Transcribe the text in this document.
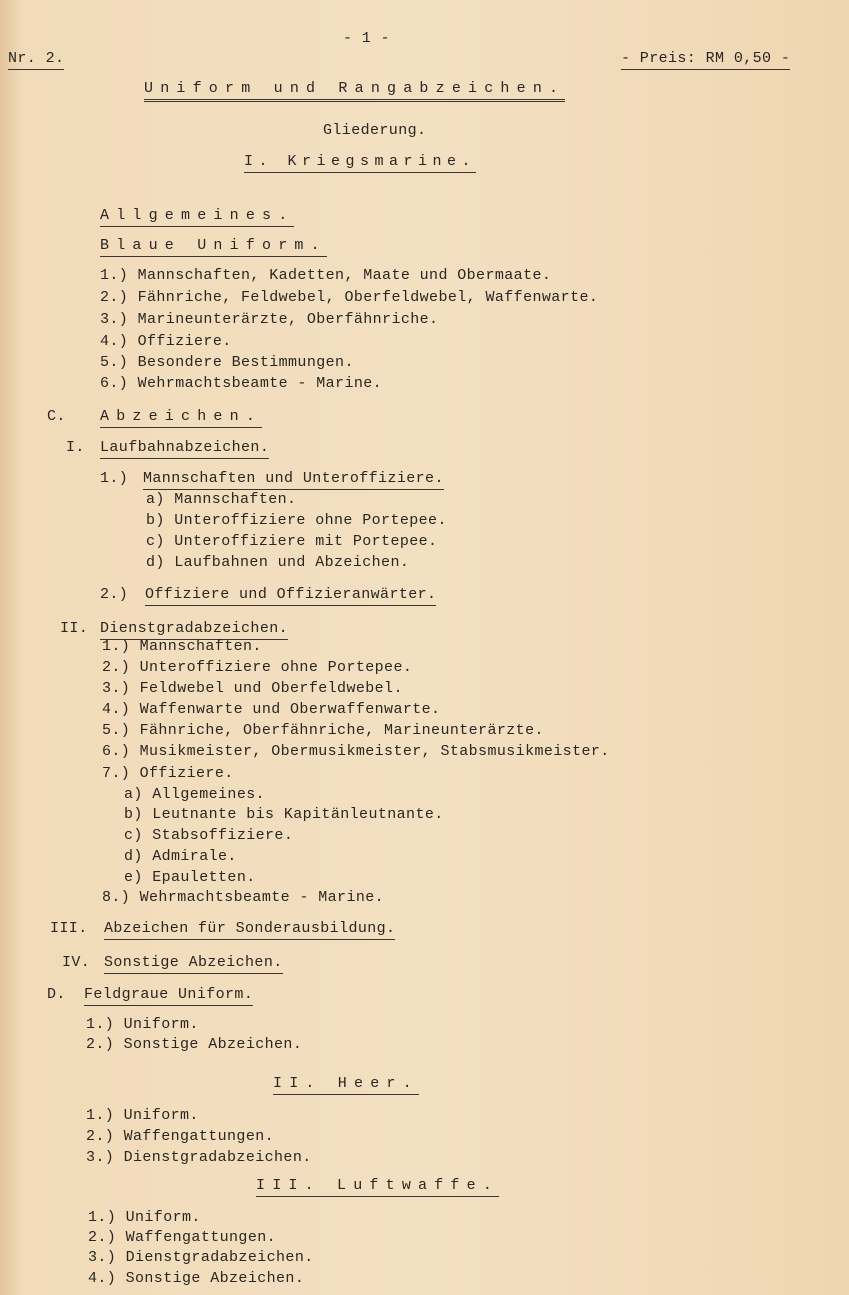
- 1 -

Nr. 2.	- Preis: RM 0,50 -

Uniform und Rangabzeichen.

Gliederung.

I. Kriegsmarine.

Allgemeines.

Blaue Uniform.

1.) Mannschaften, Kadetten, Maate und Obermaate.

2.) Fähnriche, Feldwebel, Oberfeldwebel, Waffenwarte.

3.) Marineunterärzte, Oberfähnriche.

4.) Offiziere.

5.) Besondere Bestimmungen.

6.) Wehrmachtsbeamte - Marine.

C. Abzeichen.

I. Laufbahnabzeichen.

1.) Mannschaften und Unteroffiziere.

a) Mannschaften.

b) Unteroffiziere ohne Portepee.

c) Unteroffiziere mit Portepee.

d) Laufbahnen und Abzeichen.

2.) Offiziere und Offizieranwärter.

II. Dienstgradabzeichen.

1.) Mannschaften.

2.) Unteroffiziere ohne Portepee.

3.) Feldwebel und Oberfeldwebel.

4.) Waffenwarte und Oberwaffenwarte.

5.) Fähnriche, Oberfähnriche, Marineunterärzte.

6.) Musikmeister, Obermusikmeister, Stabsmusikmeister.

7.) Offiziere.

a) Allgemeines.

b) Leutnante bis Kapitänleutnante.

c) Stabsoffiziere.

d) Admirale.

e) Epauletten.

8.) Wehrmachtsbeamte - Marine.

III. Abzeichen für Sonderausbildung.

IV. Sonstige Abzeichen.

D. Feldgraue Uniform.

1.) Uniform.

2.) Sonstige Abzeichen.

II. Heer.

1.) Uniform.

2.) Waffengattungen.

3.) Dienstgradabzeichen.

III. Luftwaffe.

1.) Uniform.

2.) Waffengattungen.

3.) Dienstgradabzeichen.

4.) Sonstige Abzeichen.
